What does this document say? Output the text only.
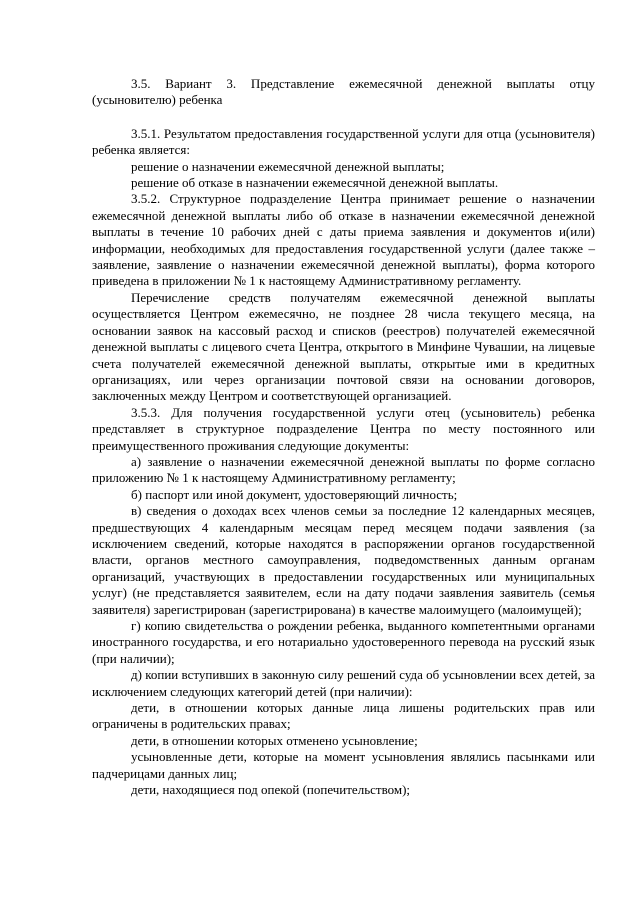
3.5. Вариант 3. Представление ежемесячной денежной выплаты отцу (усыновителю) ребенка

3.5.1. Результатом предоставления государственной услуги для отца (усыновителя) ребенка является:

решение о назначении ежемесячной денежной выплаты;

решение об отказе в назначении ежемесячной денежной выплаты.

3.5.2. Структурное подразделение Центра принимает решение о назначении ежемесячной денежной выплаты либо об отказе в назначении ежемесячной денежной выплаты в течение 10 рабочих дней с даты приема заявления и документов и(или) информации, необходимых для предоставления государственной услуги (далее также – заявление, заявление о назначении ежемесячной денежной выплаты), форма которого приведена в приложении № 1 к настоящему Административному регламенту.

Перечисление средств получателям ежемесячной денежной выплаты осуществляется Центром ежемесячно, не позднее 28 числа текущего месяца, на основании заявок на кассовый расход и списков (реестров) получателей ежемесячной денежной выплаты с лицевого счета Центра, открытого в Минфине Чувашии, на лицевые счета получателей ежемесячной денежной выплаты, открытые ими в кредитных организациях, или через организации почтовой связи на основании договоров, заключенных между Центром и соответствующей организацией.

3.5.3. Для получения государственной услуги отец (усыновитель) ребенка представляет в структурное подразделение Центра по месту постоянного или преимущественного проживания следующие документы:

а) заявление о назначении ежемесячной денежной выплаты по форме согласно приложению № 1 к настоящему Административному регламенту;

б) паспорт или иной документ, удостоверяющий личность;

в) сведения о доходах всех членов семьи за последние 12 календарных месяцев, предшествующих 4 календарным месяцам перед месяцем подачи заявления (за исключением сведений, которые находятся в распоряжении органов государственной власти, органов местного самоуправления, подведомственных данным органам организаций, участвующих в предоставлении государственных или муниципальных услуг) (не представляется заявителем, если на дату подачи заявления заявитель (семья заявителя) зарегистрирован (зарегистрирована) в качестве малоимущего (малоимущей);

г) копию свидетельства о рождении ребенка, выданного компетентными органами иностранного государства, и его нотариально удостоверенного перевода на русский язык (при наличии);

д) копии вступивших в законную силу решений суда об усыновлении всех детей, за исключением следующих категорий детей (при наличии):

дети, в отношении которых данные лица лишены родительских прав или ограничены в родительских правах;

дети, в отношении которых отменено усыновление;

усыновленные дети, которые на момент усыновления являлись пасынками или падчерицами данных лиц;

дети, находящиеся под опекой (попечительством);
